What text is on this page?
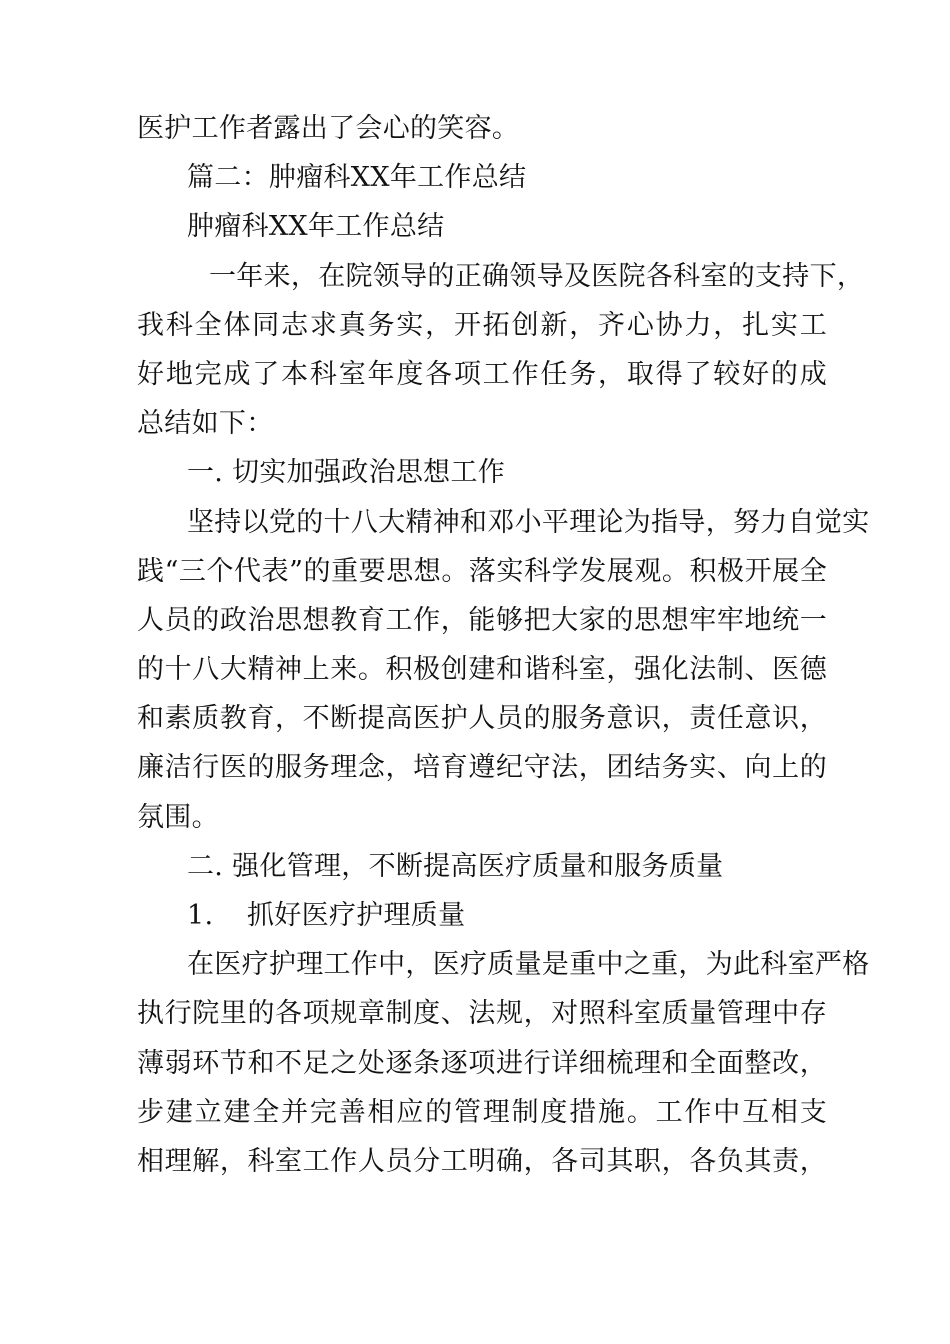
医护工作者露出了会心的笑容。
篇二：肿瘤科XX年工作总结
肿瘤科XX年工作总结
一年来，在院领导的正确领导及医院各科室的支持下，
我科全体同志求真务实，开拓创新，齐心协力，扎实工
好地完成了本科室年度各项工作任务，取得了较好的成
总结如下：
一. 切实加强政治思想工作
坚持以党的十八大精神和邓小平理论为指导，努力自觉实
践“三个代表”的重要思想。落实科学发展观。积极开展全
人员的政治思想教育工作，能够把大家的思想牢牢地统一
的十八大精神上来。积极创建和谐科室，强化法制、医德
和素质教育，不断提高医护人员的服务意识，责任意识，
廉洁行医的服务理念，培育遵纪守法，团结务实、向上的
氛围。
二. 强化管理，不断提高医疗质量和服务质量
1. 抓好医疗护理质量
在医疗护理工作中，医疗质量是重中之重，为此科室严格
执行院里的各项规章制度、法规，对照科室质量管理中存
薄弱环节和不足之处逐条逐项进行详细梳理和全面整改，
步建立建全并完善相应的管理制度措施。工作中互相支
相理解，科室工作人员分工明确，各司其职，各负其责，
